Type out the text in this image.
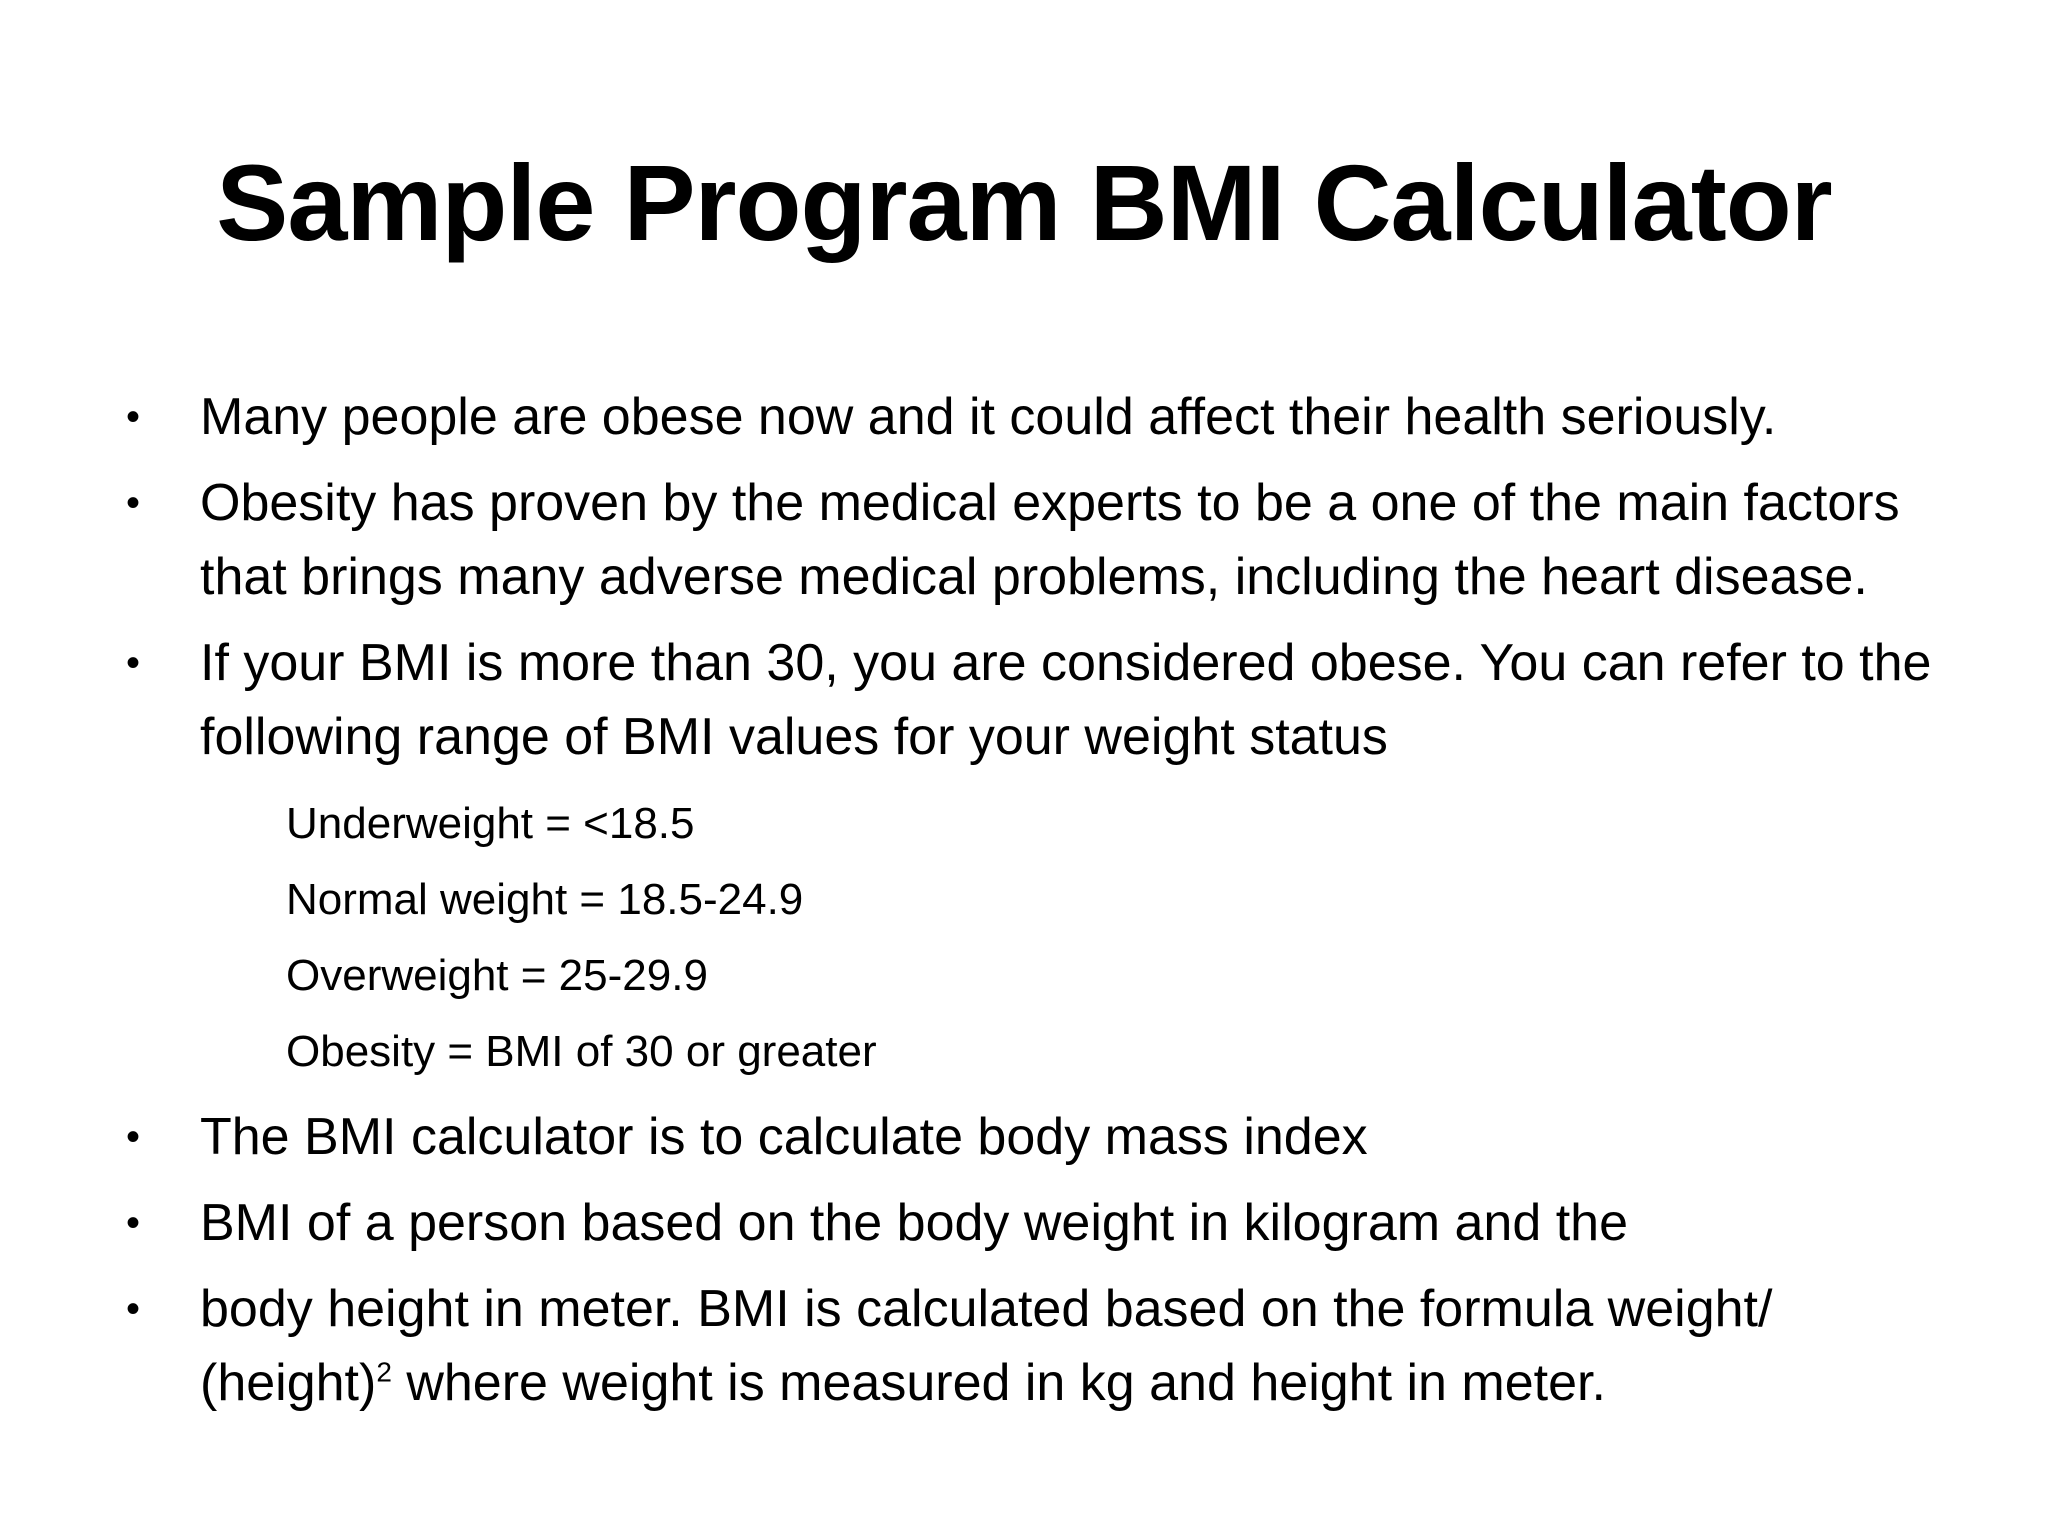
Sample Program BMI Calculator
• Many people are obese now and it could affect their health seriously.
• Obesity has proven by the medical experts to be a one of the main factors that brings many adverse medical problems, including the heart disease.
• If your BMI is more than 30, you are considered obese. You can refer to the following range of BMI values for your weight status
Underweight = <18.5
Normal weight = 18.5-24.9
Overweight = 25-29.9
Obesity = BMI of 30 or greater
• The BMI calculator is to calculate body mass index
• BMI of a person based on the body weight in kilogram and the
• body height in meter. BMI is calculated based on the formula weight/ (height)$^2$ where weight is measured in kg and height in meter.
